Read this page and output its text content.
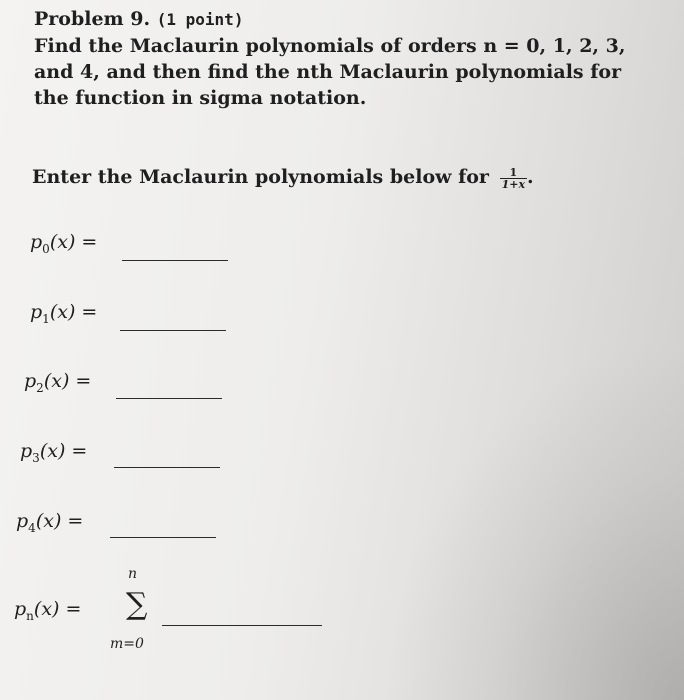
Problem 9. (1 point)

Find the Maclaurin polynomials of orders n = 0, 1, 2, 3, and 4, and then find the nth Maclaurin polynomials for the function in sigma notation.

Enter the Maclaurin polynomials below for $\frac{1}{1+x}$ .
$p_0(x)$ =
$p_1(x)$ =
$p_2(x)$ =
$p_3(x)$ =
$p_4(x)$ =
$p_n(x)$ =
n
∑
m=0
